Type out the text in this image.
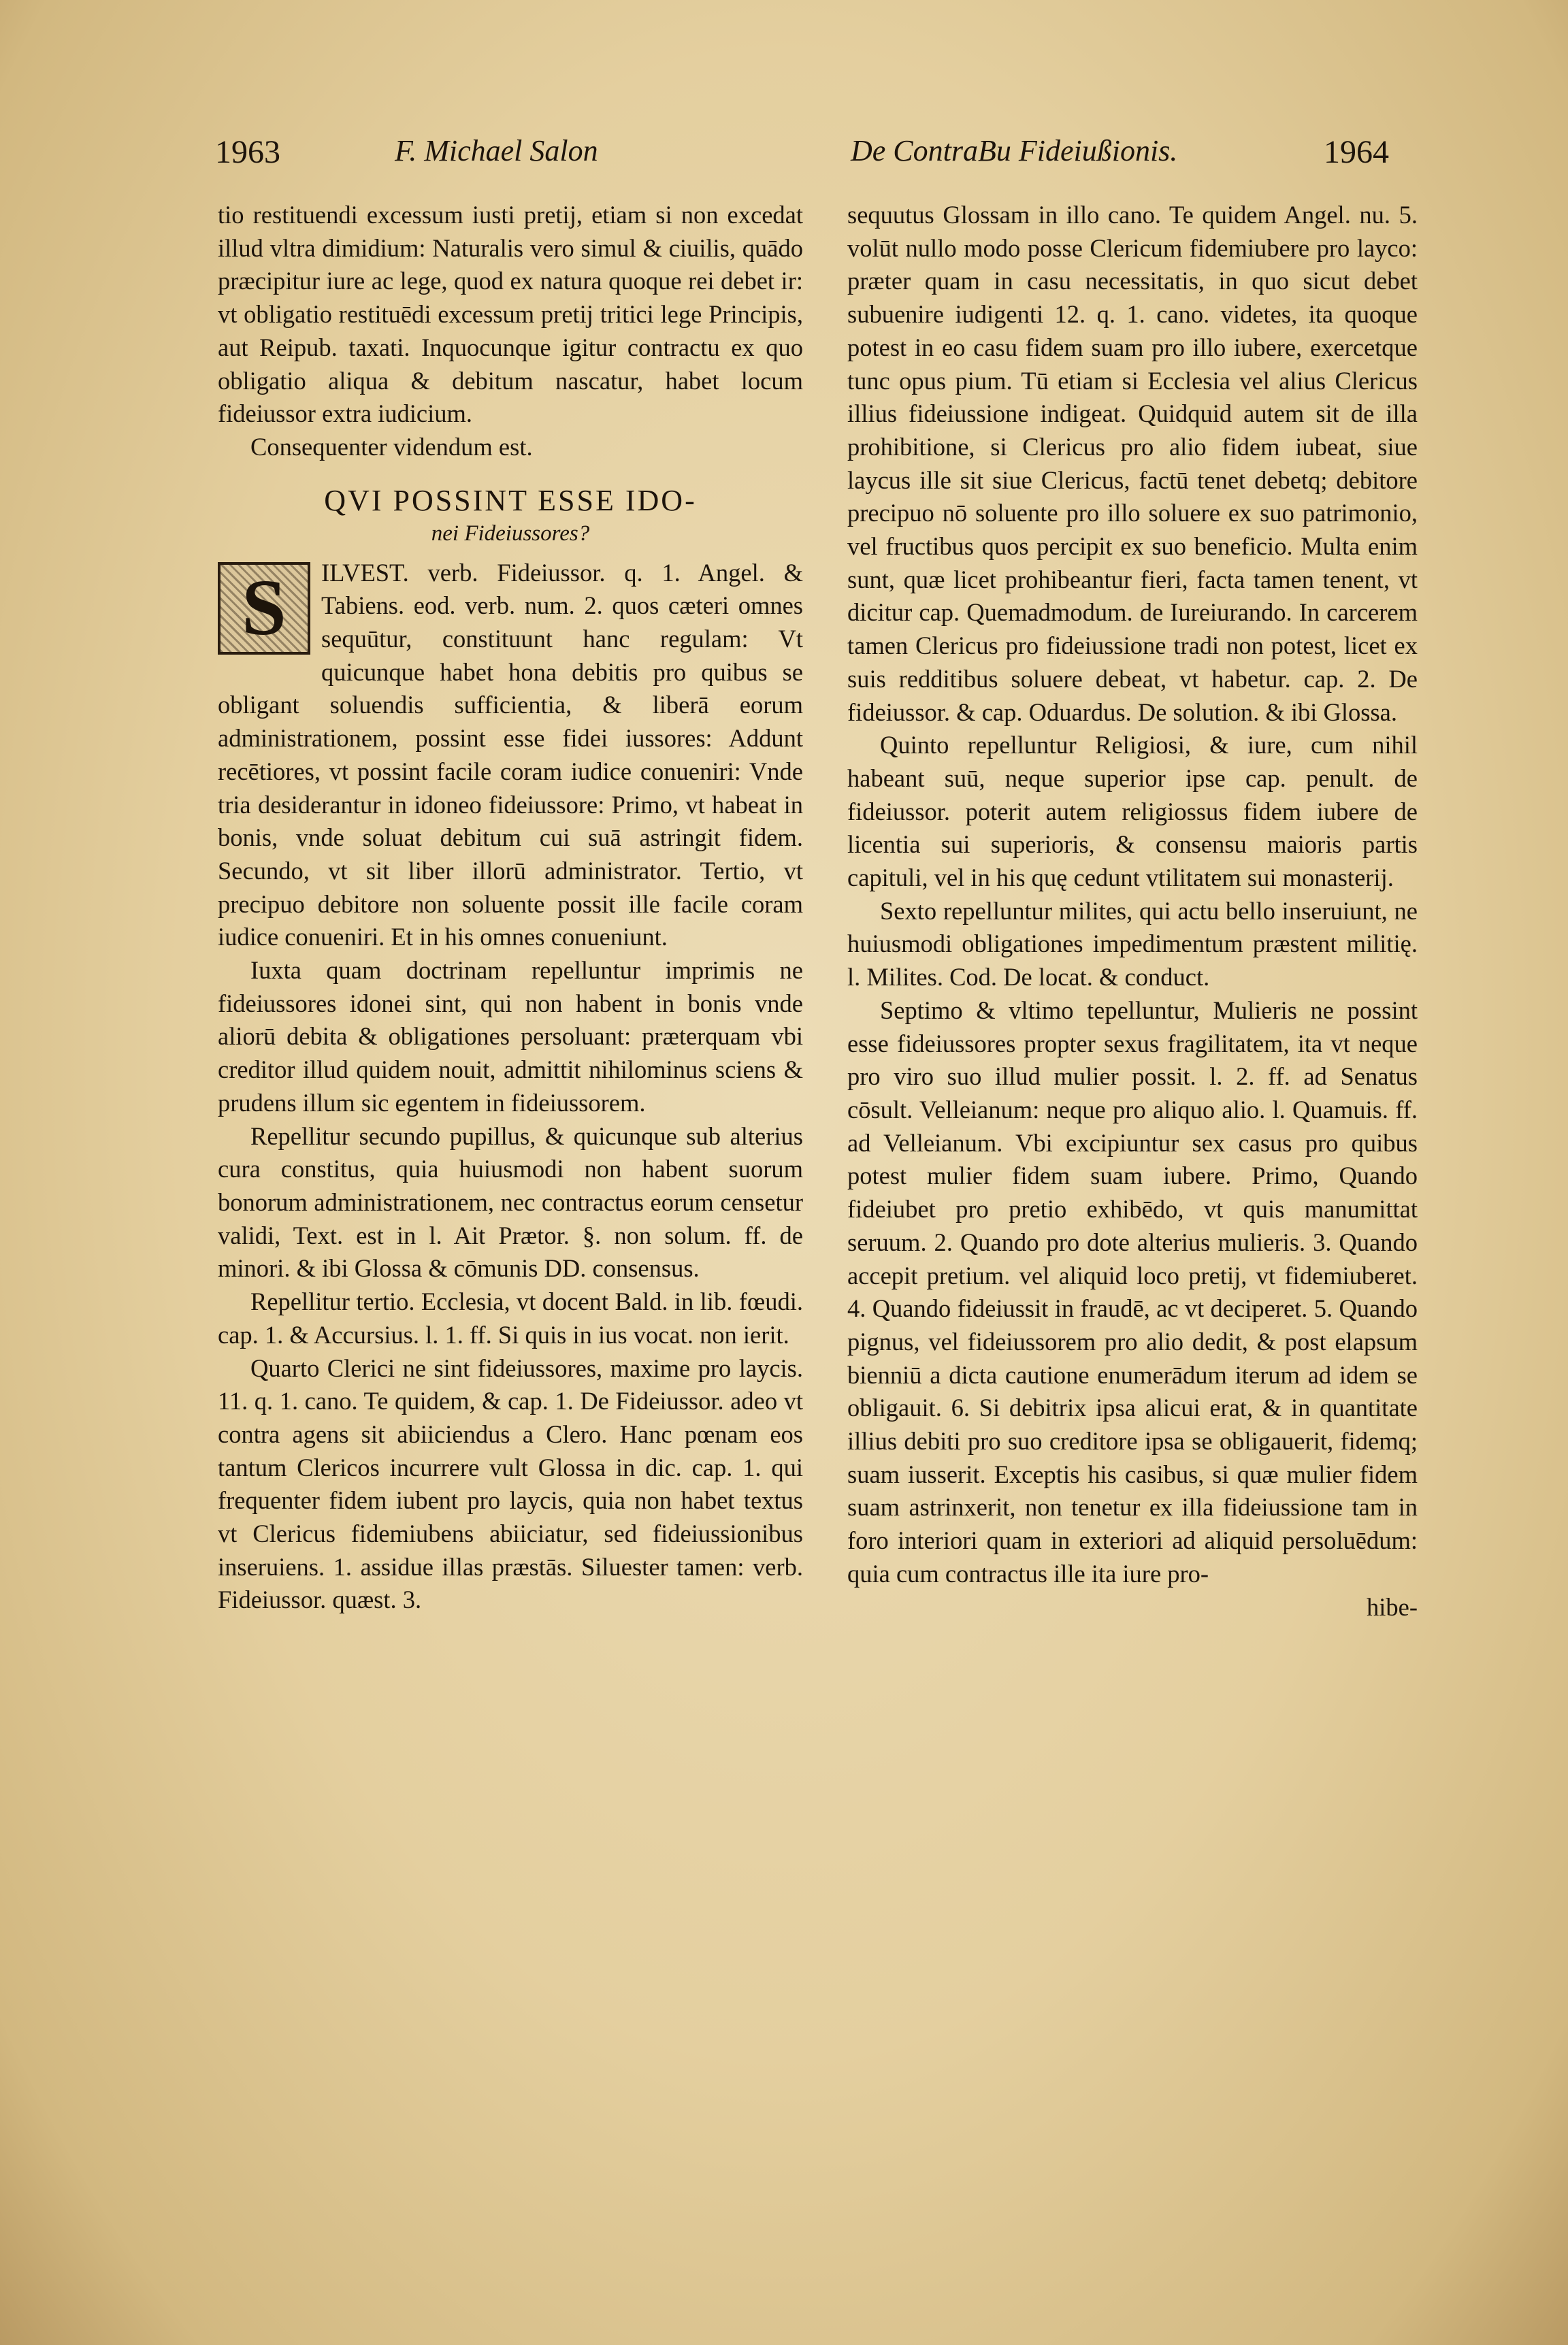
1963	F. Michael Salon	De ContraBu Fideiußionis.	1964

tio restituendi excessum iusti pretij, etiam si non excedat illud vltra dimidium: Naturalis vero simul & ciuilis, quādo præcipitur iure ac lege, quod ex natura quoque rei debet ir: vt obligatio restituēdi excessum pretij tritici lege Principis, aut Reipub. taxati. Inquocunque igitur contractu ex quo obligatio aliqua & debitum nascatur, habet locum fideiussor extra iudicium.

Consequenter videndum est.

QVI POSSINT ESSE IDO-
nei Fideiussores?

S	ILVEST. verb. Fideiussor. q. 1. Angel. & Tabiens. eod. verb. num. 2. quos cæteri omnes sequūtur, constituunt hanc regulam: Vt quicunque habet hona debitis pro quibus se obligant soluendis sufficientia, & liberā eorum administrationem, possint esse fidei iussores: Addunt recētiores, vt possint facile coram iudice conueniri: Vnde tria desiderantur in idoneo fideiussore: Primo, vt habeat in bonis, vnde soluat debitum cui suā astringit fidem. Secundo, vt sit liber illorū administrator. Tertio, vt precipuo debitore non soluente possit ille facile coram iudice conueniri. Et in his omnes conueniunt.

Iuxta quam doctrinam repelluntur imprimis ne fideiussores idonei sint, qui non habent in bonis vnde aliorū debita & obligationes persoluant: præterquam vbi creditor illud quidem nouit, admittit nihilominus sciens & prudens illum sic egentem in fideiussorem.

Repellitur secundo pupillus, & quicunque sub alterius cura constitus, quia huiusmodi non habent suorum bonorum administrationem, nec contractus eorum censetur validi, Text. est in l. Ait Prætor. §. non solum. ff. de minori. & ibi Glossa & cōmunis DD. consensus.

Repellitur tertio. Ecclesia, vt docent Bald. in lib. fœudi. cap. 1. & Accursius. l. 1. ff. Si quis in ius vocat. non ierit.

Quarto Clerici ne sint fideiussores, maxime pro laycis. 11. q. 1. cano. Te quidem, & cap. 1. De Fideiussor. adeo vt contra agens sit abiiciendus a Clero. Hanc pœnam eos tantum Clericos incurrere vult Glossa in dic. cap. 1. qui frequenter fidem iubent pro laycis, quia non habet textus vt Clericus fidemiubens abiiciatur, sed fideiussionibus inseruiens. 1. assidue illas præstās. Siluester tamen: verb. Fideiussor. quæst. 3.

sequutus Glossam in illo cano. Te quidem Angel. nu. 5. volūt nullo modo posse Clericum fidemiubere pro layco: præter quam in casu necessitatis, in quo sicut debet subuenire iudigenti 12. q. 1. cano. videtes, ita quoque potest in eo casu fidem suam pro illo iubere, exercetque tunc opus pium. Tū etiam si Ecclesia vel alius Clericus illius fideiussione indigeat. Quidquid autem sit de illa prohibitione, si Clericus pro alio fidem iubeat, siue laycus ille sit siue Clericus, factū tenet debetq; debitore precipuo nō soluente pro illo soluere ex suo patrimonio, vel fructibus quos percipit ex suo beneficio. Multa enim sunt, quæ licet prohibeantur fieri, facta tamen tenent, vt dicitur cap. Quemadmodum. de Iureiurando. In carcerem tamen Clericus pro fideiussione tradi non potest, licet ex suis redditibus soluere debeat, vt habetur. cap. 2. De fideiussor. & cap. Oduardus. De solution. & ibi Glossa.

Quinto repelluntur Religiosi, & iure, cum nihil habeant suū, neque superior ipse cap. penult. de fideiussor. poterit autem religiossus fidem iubere de licentia sui superioris, & consensu maioris partis capituli, vel in his quę cedunt vtilitatem sui monasterij.

Sexto repelluntur milites, qui actu bello inseruiunt, ne huiusmodi obligationes impedimentum præstent militię. l. Milites. Cod. De locat. & conduct.

Septimo & vltimo tepelluntur, Mulieris ne possint esse fideiussores propter sexus fragilitatem, ita vt neque pro viro suo illud mulier possit. l. 2. ff. ad Senatus cōsult. Velleianum: neque pro aliquo alio. l. Quamuis. ff. ad Velleianum. Vbi excipiuntur sex casus pro quibus potest mulier fidem suam iubere. Primo, Quando fideiubet pro pretio exhibēdo, vt quis manumittat seruum. 2. Quando pro dote alterius mulieris. 3. Quando accepit pretium. vel aliquid loco pretij, vt fidemiuberet. 4. Quando fideiussit in fraudē, ac vt deciperet. 5. Quando pignus, vel fideiussorem pro alio dedit, & post elapsum bienniū a dicta cautione enumerādum iterum ad idem se obligauit. 6. Si debitrix ipsa alicui erat, & in quantitate illius debiti pro suo creditore ipsa se obligauerit, fidemq; suam iusserit. Exceptis his casibus, si quæ mulier fidem suam astrinxerit, non tenetur ex illa fideiussione tam in foro interiori quam in exteriori ad aliquid persoluēdum: quia cum contractus ille ita iure pro-

hibe-
